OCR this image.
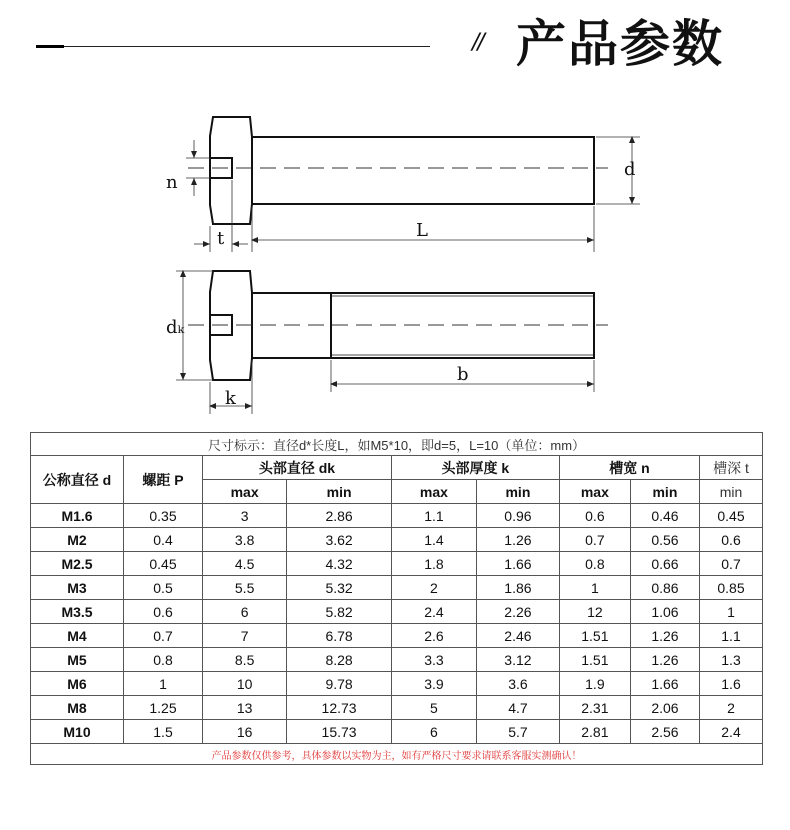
// 产品参数
n
d
t	L
dₖ
k
b
尺寸标示：直径d*长度L，如M5*10，即d=5，L=10（单位：mm）								
公称直径 d	螺距 P	头部直径 dk		头部厚度 k		槽宽 n		槽深 t
		max	min	max	min	max	min	min
M1.6	0.35	3	2.86	1.1	0.96	0.6	0.46	0.45
M2	0.4	3.8	3.62	1.4	1.26	0.7	0.56	0.6
M2.5	0.45	4.5	4.32	1.8	1.66	0.8	0.66	0.7
M3	0.5	5.5	5.32	2	1.86	1	0.86	0.85
M3.5	0.6	6	5.82	2.4	2.26	12	1.06	1
M4	0.7	7	6.78	2.6	2.46	1.51	1.26	1.1
M5	0.8	8.5	8.28	3.3	3.12	1.51	1.26	1.3
M6	1	10	9.78	3.9	3.6	1.9	1.66	1.6
M8	1.25	13	12.73	5	4.7	2.31	2.06	2
M10	1.5	16	15.73	6	5.7	2.81	2.56	2.4
产品参数仅供参考，具体参数以实物为主，如有严格尺寸要求请联系客服实测确认！								
